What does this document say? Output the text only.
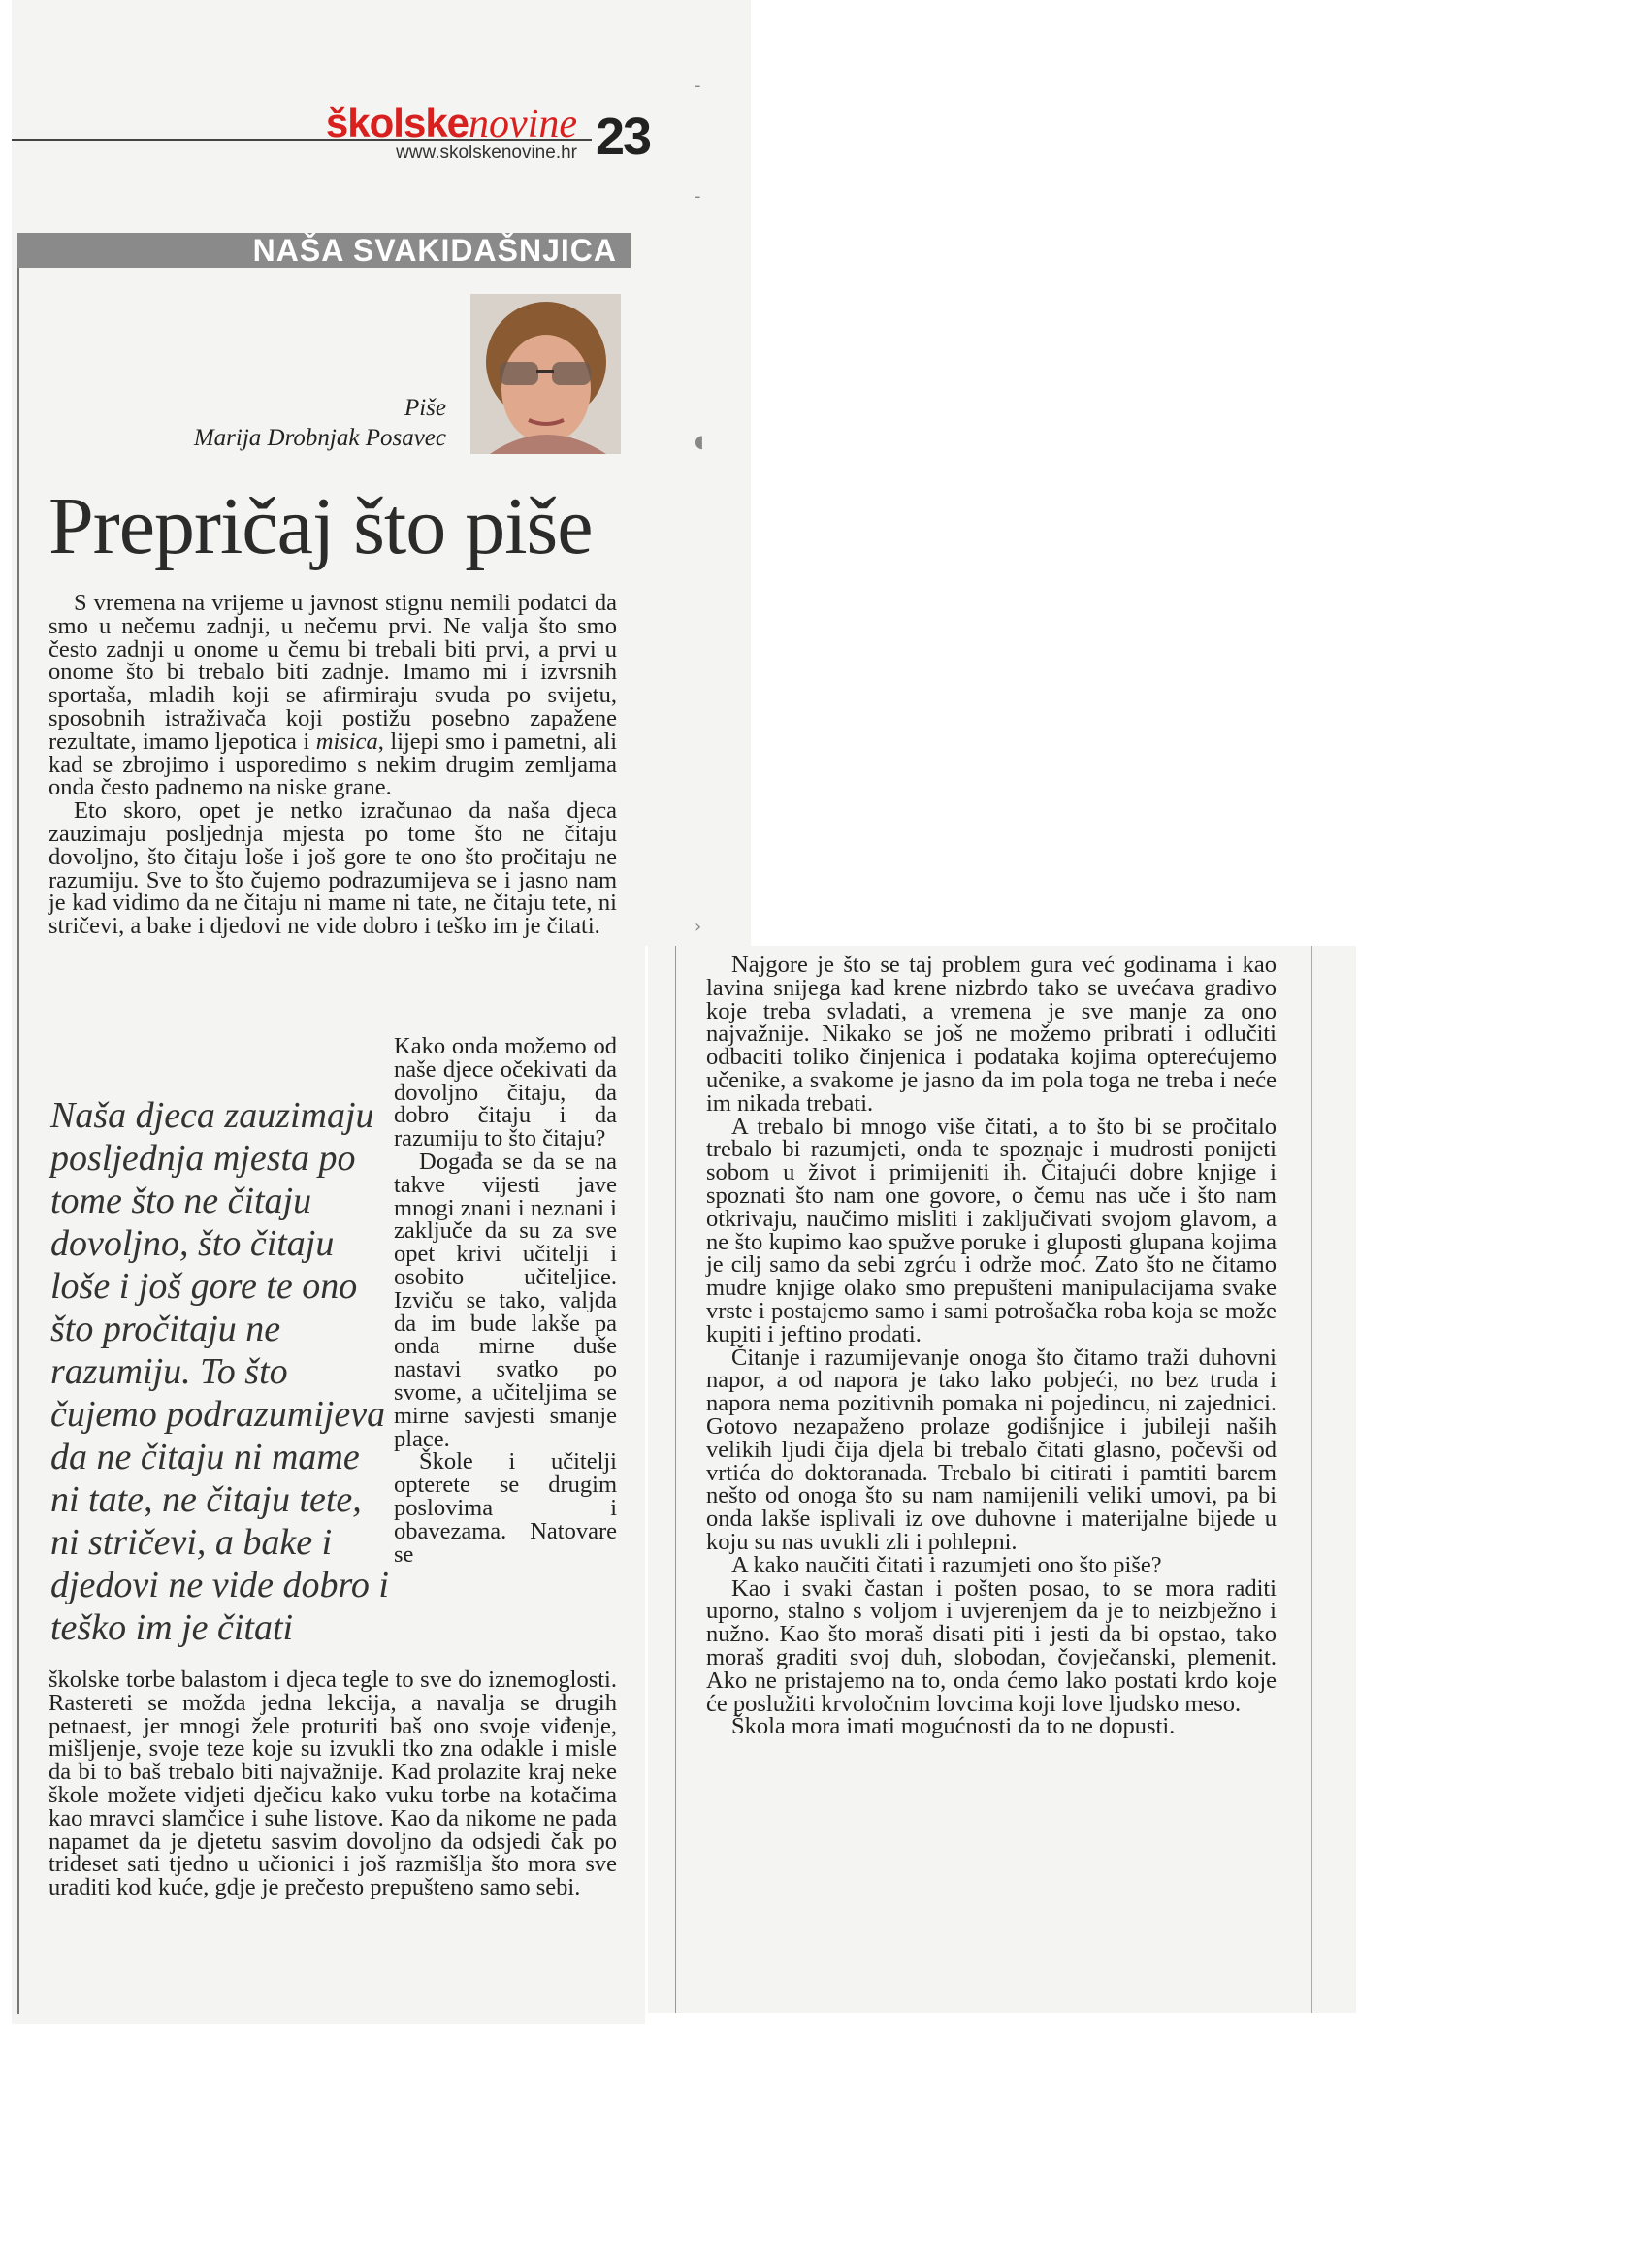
‐
‐
◖
›
školskenovine
www.skolskenovine.hr 23
NAŠA SVAKIDAŠNJICA
Piše
Marija Drobnjak Posavec
Prepričaj što piše

S vremena na vrijeme u javnost stignu nemili podatci da smo u nečemu zadnji, u nečemu prvi. Ne valja što smo često zadnji u onome u čemu bi trebali biti prvi, a prvi u onome što bi trebalo biti zadnje. Imamo mi i izvrsnih sportaša, mladih koji se afirmiraju svuda po svijetu, sposobnih istraživača koji postižu posebno zapažene rezultate, imamo ljepotica i misica, lijepi smo i pametni, ali kad se zbrojimo i usporedimo s nekim drugim zemljama onda često padnemo na niske grane.

Eto skoro, opet je netko izračunao da naša djeca zauzimaju posljednja mjesta po tome što ne čitaju dovoljno, što čitaju loše i još gore te ono što pročitaju ne razumiju. Sve to što čujemo podrazumijeva se i jasno nam je kad vidimo da ne čitaju ni mame ni tate, ne čitaju tete, ni stričevi, a bake i djedovi ne vide dobro i teško im je čitati.

Naša djeca zauzimaju posljednja mjesta po tome što ne čitaju dovoljno, što čitaju loše i još gore te ono što pročitaju ne razumiju. To što čujemo podrazumijeva da ne čitaju ni mame ni tate, ne čitaju tete, ni stričevi, a bake i djedovi ne vide dobro i teško im je čitati

Kako onda možemo od naše djece očekivati da dovoljno čitaju, da dobro čitaju i da razumiju to što čitaju?

Događa se da se na takve vijesti jave mnogi znani i neznani i zaključe da su za sve opet krivi učitelji i osobito učiteljice. Izviču se tako, valjda da im bude lakše pa onda mirne duše nastavi svatko po svome, a učiteljima se mirne savjesti smanje place.

Škole i učitelji opterete se drugim poslovima i obavezama. Natovare se

školske torbe balastom i djeca tegle to sve do iznemoglosti. Rastereti se možda jedna lekcija, a navalja se drugih petnaest, jer mnogi žele proturiti baš ono svoje viđenje, mišljenje, svoje teze koje su izvukli tko zna odakle i misle da bi to baš trebalo biti najvažnije. Kad prolazite kraj neke škole možete vidjeti dječicu kako vuku torbe na kotačima kao mravci slamčice i suhe listove. Kao da nikome ne pada napamet da je djetetu sasvim dovoljno da odsjedi čak po trideset sati tjedno u učionici i još razmišlja što mora sve uraditi kod kuće, gdje je prečesto prepušteno samo sebi.

Najgore je što se taj problem gura već godinama i kao lavina snijega kad krene nizbrdo tako se uvećava gradivo koje treba svladati, a vremena je sve manje za ono najvažnije. Nikako se još ne možemo pribrati i odlučiti odbaciti toliko činjenica i podataka kojima opterećujemo učenike, a svakome je jasno da im pola toga ne treba i neće im nikada trebati.

A trebalo bi mnogo više čitati, a to što bi se pročitalo trebalo bi razumjeti, onda te spoznaje i mudrosti ponijeti sobom u život i primijeniti ih. Čitajući dobre knjige i spoznati što nam one govore, o čemu nas uče i što nam otkrivaju, naučimo misliti i zaključivati svojom glavom, a ne što kupimo kao spužve poruke i gluposti glupana kojima je cilj samo da sebi zgrću i održe moć. Zato što ne čitamo mudre knjige olako smo prepušteni manipulacijama svake vrste i postajemo samo i sami potrošačka roba koja se može kupiti i jeftino prodati.

Čitanje i razumijevanje onoga što čitamo traži duhovni napor, a od napora je tako lako pobjeći, no bez truda i napora nema pozitivnih pomaka ni pojedincu, ni zajednici. Gotovo nezapaženo prolaze godišnjice i jubileji naših velikih ljudi čija djela bi trebalo čitati glasno, počevši od vrtića do doktoranada. Trebalo bi citirati i pamtiti barem nešto od onoga što su nam namijenili veliki umovi, pa bi onda lakše isplivali iz ove duhovne i materijalne bijede u koju su nas uvukli zli i pohlepni.

A kako naučiti čitati i razumjeti ono što piše?

Kao i svaki častan i pošten posao, to se mora raditi uporno, stalno s voljom i uvjerenjem da je to neizbježno i nužno. Kao što moraš disati piti i jesti da bi opstao, tako moraš graditi svoj duh, slobodan, čovječanski, plemenit. Ako ne pristajemo na to, onda ćemo lako postati krdo koje će poslužiti krvoločnim lovcima koji love ljudsko meso.

Škola mora imati mogućnosti da to ne dopusti.
